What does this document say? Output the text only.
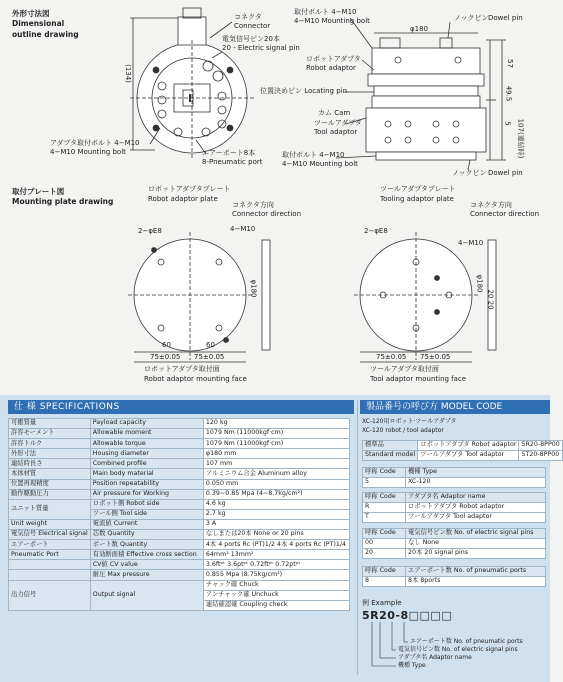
外形寸法図
Dimensional
outline drawing
(134)
コネクタ
Connector
電気信号ピン20本
20 - Electric signal pin
アダプタ取付ボルト 4−M10
4−M10 Mounting bolt	エアーポート8本
8-Pneumatic port
取付ボルト 4−M10
4−M10 Mounting bolt	ノックピン Dowel pin
φ180
ロボットアダプタ
Robot adaptor
位置決めピン Locating pin
カム Cam
ツールアダプタ
Tool adaptor
取付ボルト 4−M10
4−M10 Mounting bolt
ノックピン Dowel pin
57
49.5
5 107(連結時)
取付プレート図
Mounting plate drawing
ロボットアダプタプレート
Robot adaptor plate
コネクタ方向
Connector direction
2−φE8	4−M10
φ180
60	60
75±0.05 75±0.05
ロボットアダプタ取付面
Robot adaptor mounting face
ツールアダプタプレート
Tooling adaptor plate
コネクタ方向
Connector direction
2−φE8
4−M10
φ180
20 20
75±0.05 75±0.05
ツールアダプタ取付面
Tool adaptor mounting face
仕 様 SPECIFICATIONS	製品番号の呼び方 MODEL CODE
可搬質量	Payload capacity	120 kg
許容モーメント	Allowable moment	1079 Nm (11000kgf·cm)
許容トルク	Allowable torque	1079 Nm (11000kgf·cm)
外形寸法	Housing diameter	φ180 mm
連結時長さ	Combined profile	107 mm
本体材質	Main body material	アルミニウム合金 Aluminum alloy
位置再現精度	Position repeatability	0.050 mm
動作駆動圧力	Air pressure for Working	0.39∼0.85 Mpa (4∼8.7kg/cm²)
ユニット質量	ロボット側 Robot side	4.6 kg
	ツール側 Tool side	2.7 kg
Unit weight	電流値 Current	3 A
電気信号 Electrical signal	芯数 Quantity	なしまたは20本 None or 20 pins
エアーポート	ポート数 Quantity	4本 4 ports Rc (PT)1/2 4本 4 ports Rc (PT)1/4
Pneumatic Port	有効断面積 Effective cross section	64mm² 13mm²
	CV値 CV value	3.6ftᵖᵗ 3.6ptᵖᵗ 0.72ftᵖᵗ 0.72ptᵖᵗ
	耐圧 Max pressure	0.855 Mpa (8.75kg/cm²)
出力信号	Output signal	チャック確 Chuck
		アンチャック確 Unchuck
		連結確認確 Coupling check
XC-120用ロボット·ツールアダプタ
XC-120 robot / tool adaptor
標準品	ロボットアダプタ Robot adaptor	5R20-8PP00
Standard model	ツールアダプタ Tool adaptor	5T20-8PP00
呼称 Code	機種 Type
5	XC-120
呼称 Code	アダプタ名 Adaptor name
R	ロボットアダプタ Robot adaptor
T	ツールアダプタ Tool adaptor
呼称 Code	電気信号ピン数 No. of electric signal pins
00	なし None
20	20本 20 signal pins
呼称 Code	エアーポート数 No. of pneumatic ports
8	8本 8ports
例 Example
5R20-8□□□□
エアーポート数 No. of pneumatic ports
電気信号ピン数 No. of electric signal pins
アダプタ名 Adaptor name
機種 Type
